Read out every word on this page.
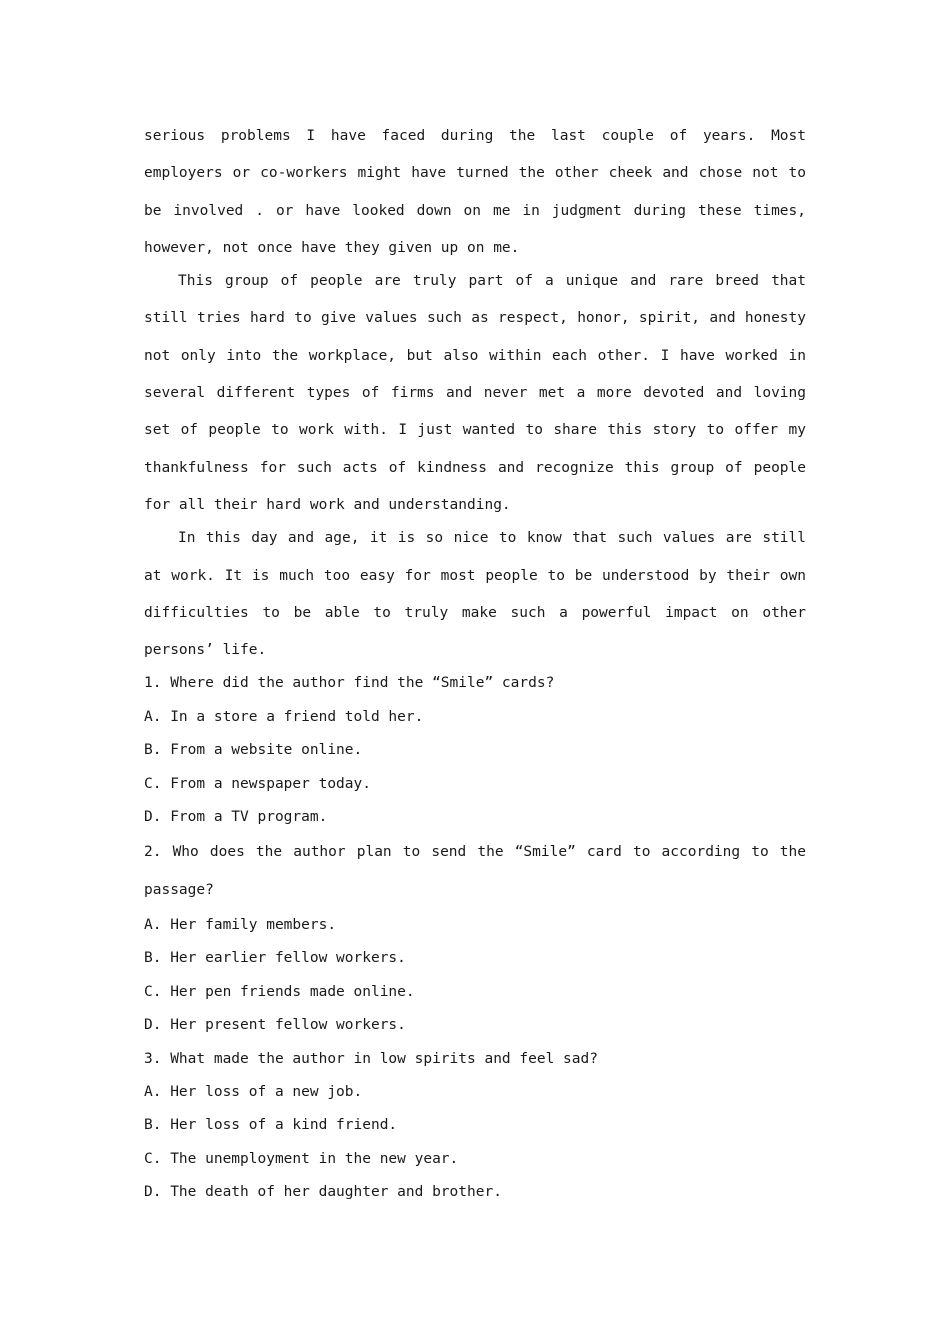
serious problems I have faced during the last couple of years. Most employers or co-workers might have turned the other cheek and chose not to be involved . or have looked down on me in judgment during these times, however, not once have they given up on me.

This group of people are truly part of a unique and rare breed that still tries hard to give values such as respect, honor, spirit, and honesty not only into the workplace, but also within each other. I have worked in several different types of firms and never met a more devoted and loving set of people to work with. I just wanted to share this story to offer my thankfulness for such acts of kindness and recognize this group of people for all their hard work and understanding.

In this day and age, it is so nice to know that such values are still at work. It is much too easy for most people to be understood by their own difficulties to be able to truly make such a powerful impact on other persons’ life.

1. Where did the author find the “Smile” cards?

A. In a store a friend told her.

B. From a website online.

C. From a newspaper today.

D. From a TV program.

2. Who does the author plan to send the “Smile” card to according to the passage?

A. Her family members.

B. Her earlier fellow workers.

C. Her pen friends made online.

D. Her present fellow workers.

3. What made the author in low spirits and feel sad?

A. Her loss of a new job.

B. Her loss of a kind friend.

C. The unemployment in the new year.

D. The death of her daughter and brother.
